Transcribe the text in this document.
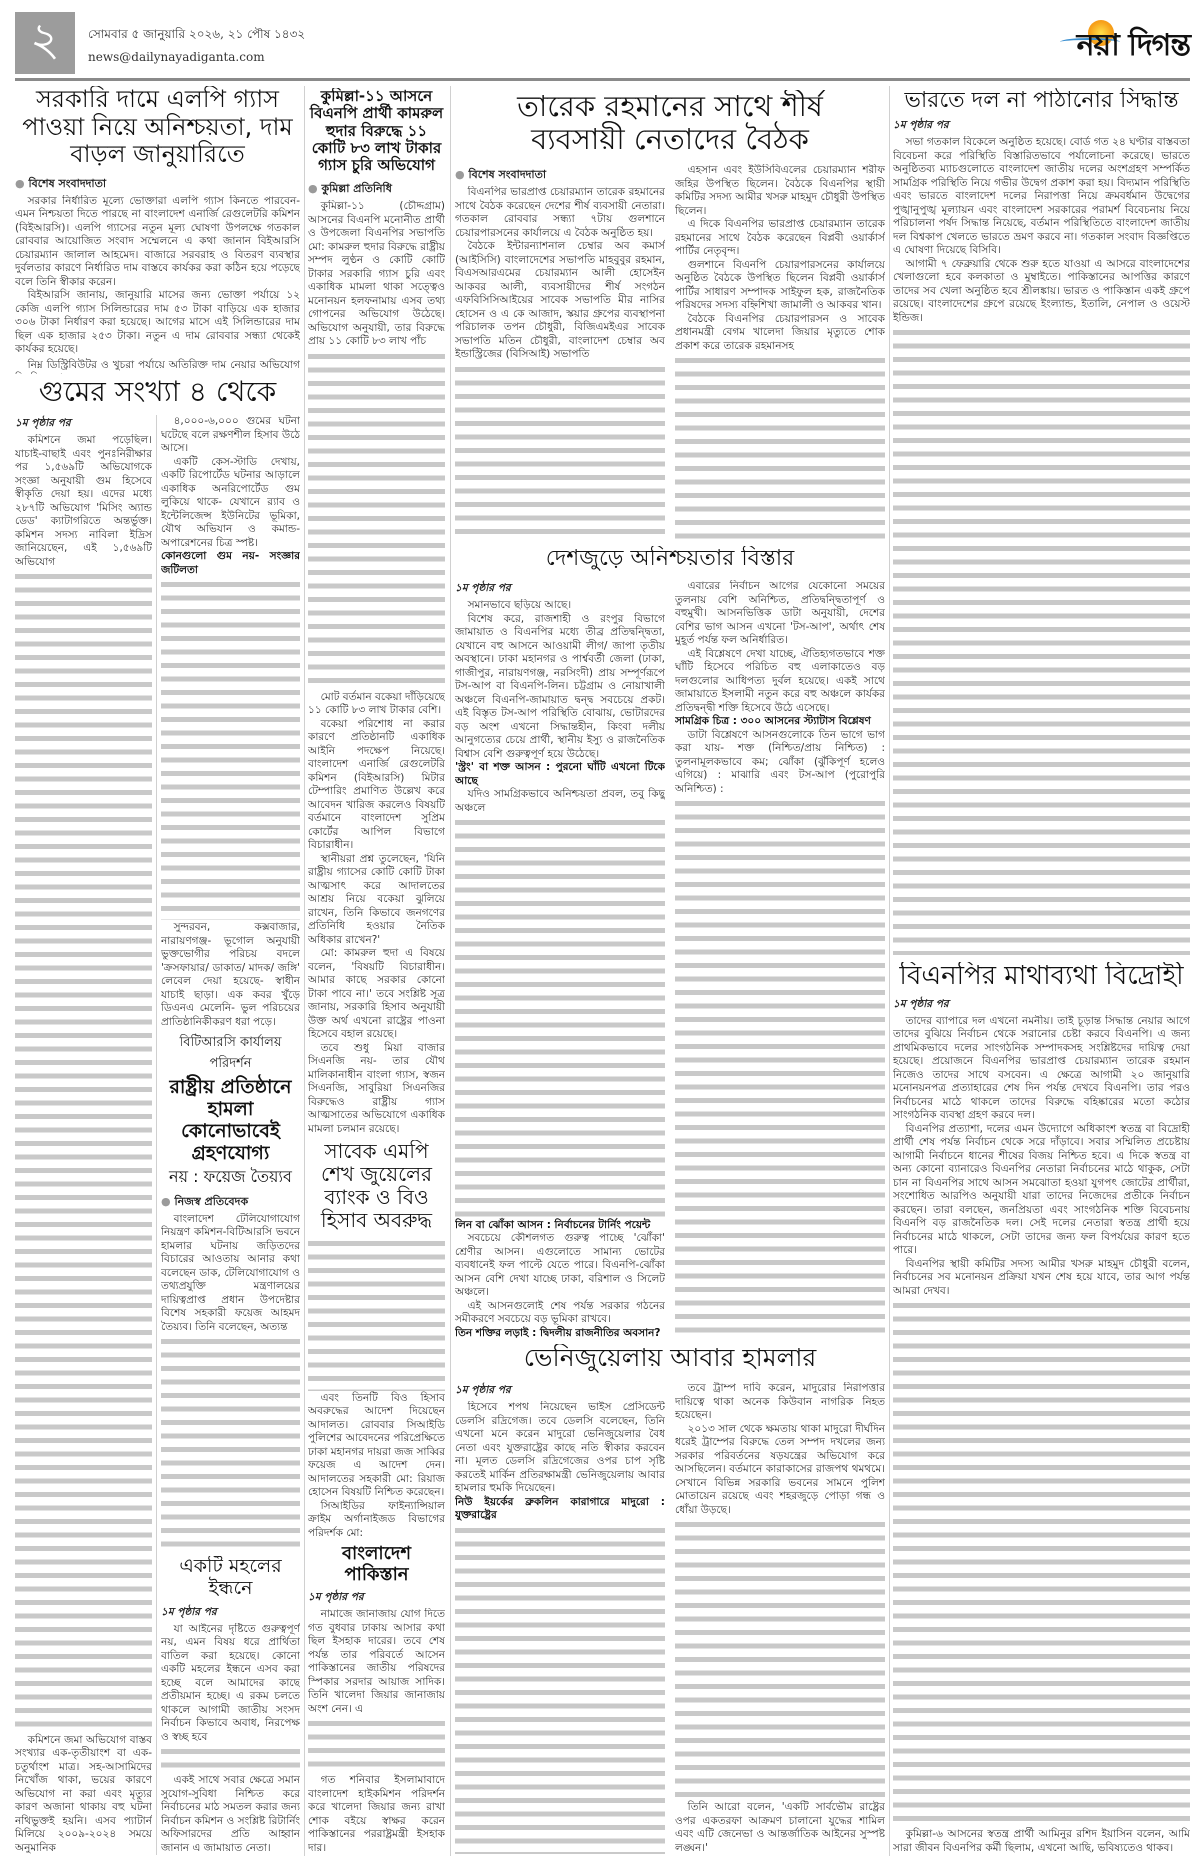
২	সোমবার ৫ জানুয়ারি ২০২৬, ২১ পৌষ ১৪৩২
news@dailynayadiganta.com	নয়া দিগন্ত
সরকারি দামে এলপি গ্যাস পাওয়া নিয়ে অনিশ্চয়তা, দাম বাড়ল জানুয়ারিতে
● বিশেষ সংবাদদাতা

সরকার নির্ধারিত মূল্যে ভোক্তারা এলপি গ্যাস কিনতে পারবেন- এমন নিশ্চয়তা দিতে পারছে না বাংলাদেশ এনার্জি রেগুলেটরি কমিশন (বিইআরসি)। এলপি গ্যাসের নতুন মূল্য ঘোষণা উপলক্ষে গতকাল রোববার আয়োজিত সংবাদ সম্মেলনে এ কথা জানান বিইআরসি চেয়ারম্যান জালাল আহমেদ। বাজারে সরবরাহ ও বিতরণ ব্যবস্থার দুর্বলতার কারণে নির্ধারিত দাম বাস্তবে কার্যকর করা কঠিন হয়ে পড়েছে বলে তিনি স্বীকার করেন।

বিইআরসি জানায়, জানুয়ারি মাসের জন্য ভোক্তা পর্যায়ে ১২ কেজি এলপি গ্যাস সিলিন্ডারের দাম ৫৩ টাকা বাড়িয়ে এক হাজার ৩০৬ টাকা নির্ধারণ করা হয়েছে। আগের মাসে এই সিলিন্ডারের দাম ছিল এক হাজার ২৫৩ টাকা। নতুন এ দাম রোববার সন্ধ্যা থেকেই কার্যকর হয়েছে।

নিম্ন ডিস্ট্রিবিউটর ও খুচরা পর্যায়ে অতিরিক্ত দাম নেয়ার অভিযোগ

গুমের সংখ্যা ৪ থেকে
১ম পৃষ্ঠার পর

কমিশনে জমা পড়েছিল। যাচাই-বাছাই এবং পুনঃনিরীক্ষার পর ১,৫৬৯টি অভিযোগকে সংজ্ঞা অনুযায়ী গুম হিসেবে স্বীকৃতি দেয়া হয়। এদের মধ্যে ২৮৭টি অভিযোগ 'মিসিং অ্যান্ড ডেড' ক্যাটাগরিতে অন্তর্ভুক্ত। কমিশন সদস্য নাবিলা ইদ্রিস জানিয়েছেন, এই ১,৫৬৯টি অভিযোগ

কমিশনে জমা অভিযোগ বাস্তব সংখ্যার এক-তৃতীয়াংশ বা এক-চতুর্থাংশ মাত্র। সহ-আসামিদের নিখোঁজ থাকা, ভয়ের কারণে অভিযোগ না করা এবং মৃত্যুর কারণ অজানা থাকায় বহু ঘটনা নথিভুক্তই হয়নি। এসব প্যাটার্ন মিলিয়ে ২০০৯-২০২৪ সময়ে অনুমানিক

৪,০০০-৬,০০০ গুমের ঘটনা ঘটেছে বলে রক্ষণশীল হিসাব উঠে আসে।

একটি কেস-স্টাডি দেখায়, একটি রিপোর্টেড ঘটনার আড়ালে একাধিক অনরিপোর্টেড গুম লুকিয়ে থাকে- যেখানে র‍্যাব ও ইন্টেলিজেন্স ইউনিটের ভূমিকা, যৌথ অভিযান ও কমান্ড-অপারেশনের চিত্র স্পষ্ট।

কোনগুলো গুম নয়- সংজ্ঞার জটিলতা

সুন্দরবন, কক্সবাজার, নারায়ণগঞ্জ- ভূগোল অনুযায়ী ভুক্তভোগীর পরিচয় বদলে 'ক্রসফায়ার/ ডাকাত/ মাদক/ জঙ্গি' লেবেল দেয়া হয়েছে- স্বাধীন যাচাই ছাড়া। এক কবর খুঁড়ে ডিএনএ মেলেনি- ভুল পরিচয়ের প্রাতিষ্ঠানিকীকরণ ধরা পড়ে।

বিটিআরসি কার্যালয় পরিদর্শন
রাষ্ট্রীয় প্রতিষ্ঠানে হামলা কোনোভাবেই গ্রহণযোগ্য
নয় : ফয়েজ তৈয়্যব
● নিজস্ব প্রতিবেদক

বাংলাদেশ টেলিযোগাযোগ নিয়ন্ত্রণ কমিশন-বিটিআরসি ভবনে হামলার ঘটনায় জড়িতদের বিচারের আওতায় আনার কথা বলেছেন ডাক, টেলিযোগাযোগ ও তথ্যপ্রযুক্তি মন্ত্রণালয়ের দায়িত্বপ্রাপ্ত প্রধান উপদেষ্টার বিশেষ সহকারী ফয়েজ আহমদ তৈয়্যব। তিনি বলেছেন, অত্যন্ত

একটি মহলের ইন্ধনে
১ম পৃষ্ঠার পর

যা আইনের দৃষ্টিতে গুরুত্বপূর্ণ নয়, এমন বিষয় ধরে প্রার্থিতা বাতিল করা হয়েছে। কোনো একটি মহলের ইন্ধনে এসব করা হচ্ছে বলে আমাদের কাছে প্রতীয়মান হচ্ছে। এ রকম চলতে থাকলে আগামী জাতীয় সংসদ নির্বাচন কিভাবে অবাধ, নিরপেক্ষ ও স্বচ্ছ হবে

একই সাথে সবার ক্ষেত্রে সমান সুযোগ-সুবিধা নিশ্চিত করে নির্বাচনের মাঠ সমতল করার জন্য নির্বাচন কমিশন ও সংশ্লিষ্ট রিটার্নিং অফিসারদের প্রতি আহ্বান জানান এ জামায়াত নেতা।

কুমিল্লা-১১ আসনে বিএনপি প্রার্থী কামরুল হুদার বিরুদ্ধে ১১ কোটি ৮৩ লাখ টাকার গ্যাস চুরি অভিযোগ
● কুমিল্লা প্রতিনিধি

কুমিল্লা-১১ (চৌদ্দগ্রাম) আসনের বিএনপি মনোনীত প্রার্থী ও উপজেলা বিএনপির সভাপতি মো: কামরুল হুদার বিরুদ্ধে রাষ্ট্রীয় সম্পদ লুণ্ঠন ও কোটি কোটি টাকার সরকারি গ্যাস চুরি এবং একাধিক মামলা থাকা সত্ত্বেও মনোনয়ন হলফনামায় এসব তথ্য গোপনের অভিযোগ উঠেছে। অভিযোগ অনুযায়ী, তার বিরুদ্ধে প্রায় ১১ কোটি ৮৩ লাখ পাঁচ

মোট বর্তমান বকেয়া দাঁড়িয়েছে ১১ কোটি ৮৩ লাখ টাকার বেশি।

বকেয়া পরিশোধ না করার কারণে প্রতিষ্ঠানটি একাধিক আইনি পদক্ষেপ নিয়েছে। বাংলাদেশ এনার্জি রেগুলেটরি কমিশন (বিইআরসি) মিটার টেম্পারিং প্রমাণিত উল্লেখ করে আবেদন খারিজ করলেও বিষয়টি বর্তমানে বাংলাদেশ সুপ্রিম কোর্টের আপিল বিভাগে বিচারাধীন।

স্থানীয়রা প্রশ্ন তুলেছেন, 'যিনি রাষ্ট্রীয় গ্যাসের কোটি কোটি টাকা আত্মসাৎ করে আদালতের আশ্রয় নিয়ে বকেয়া ঝুলিয়ে রাখেন, তিনি কিভাবে জনগণের প্রতিনিধি হওয়ার নৈতিক অধিকার রাখেন?'

মো: কামরুল হুদা এ বিষয়ে বলেন, 'বিষয়টি বিচারাধীন। আমার কাছে সরকার কোনো টাকা পাবে না।' তবে সংশ্লিষ্ট সূত্র জানায়, সরকারি হিসাব অনুযায়ী উক্ত অর্থ এখনো রাষ্ট্রের পাওনা হিসেবে বহাল রয়েছে।

তবে শুধু মিয়া বাজার সিএনজি নয়- তার যৌথ মালিকানাধীন বাংলা গ্যাস, স্বজন সিএনজি, সাবুরিয়া সিএনজির বিরুদ্ধেও রাষ্ট্রীয় গ্যাস আত্মসাতের অভিযোগে একাধিক মামলা চলমান রয়েছে।

সাবেক এমপি শেখ জুয়েলের ব্যাংক ও বিও হিসাব অবরুদ্ধ

এবং তিনটি বিও হিসাব অবরুদ্ধের আদেশ দিয়েছেন আদালত। রোববার সিআইডি পুলিশের আবেদনের পরিপ্রেক্ষিতে ঢাকা মহানগর দায়রা জজ সাব্বির ফয়েজ এ আদেশ দেন। আদালতের সহকারী মো: রিয়াজ হোসেন বিষয়টি নিশ্চিত করেছেন।

সিআইডির ফাইন্যান্সিয়াল ক্রাইম অর্গানাইজড বিভাগের পরিদর্শক মো:

বাংলাদেশ পাকিস্তান
১ম পৃষ্ঠার পর

নামাজে জানাজায় যোগ দিতে গত বুধবার ঢাকায় আসার কথা ছিল ইসহাক দারের। তবে শেষ পর্যন্ত তার পরিবর্তে আসেন পাকিস্তানের জাতীয় পরিষদের স্পিকার সরদার আয়াজ সাদিক। তিনি খালেদা জিয়ার জানাজায় অংশ নেন। এ

গত শনিবার ইসলামাবাদে বাংলাদেশ হাইকমিশন পরিদর্শন করে খালেদা জিয়ার জন্য রাখা শোক বইয়ে স্বাক্ষর করেন পাকিস্তানের পররাষ্ট্রমন্ত্রী ইসহাক দার।

তারেক রহমানের সাথে শীর্ষ ব্যবসায়ী নেতাদের বৈঠক
● বিশেষ সংবাদদাতা

বিএনপির ভারপ্রাপ্ত চেয়ারম্যান তারেক রহমানের সাথে বৈঠক করেছেন দেশের শীর্ষ ব্যবসায়ী নেতারা। গতকাল রোববার সন্ধ্যা ৭টায় গুলশানে চেয়ারপারসনের কার্যালয়ে এ বৈঠক অনুষ্ঠিত হয়।

বৈঠকে ইন্টারন্যাশনাল চেম্বার অব কমার্স (আইসিসি) বাংলাদেশের সভাপতি মাহবুবুর রহমান, বিএসআরএমের চেয়ারম্যান আলী হোসেইন আকবর আলী, ব্যবসায়ীদের শীর্ষ সংগঠন এফবিসিসিআইয়ের সাবেক সভাপতি মীর নাসির হোসেন ও এ কে আজাদ, স্কয়ার গ্রুপের ব্যবস্থাপনা পরিচালক তপন চৌধুরী, বিজিএমইএর সাবেক সভাপতি মতিন চৌধুরী, বাংলাদেশ চেম্বার অব ইন্ডাস্ট্রিজের (বিসিআই) সভাপতি

এহসান এবং ইউসিবিএলের চেয়ারম্যান শরীফ জহির উপস্থিত ছিলেন। বৈঠকে বিএনপির স্থায়ী কমিটির সদস্য আমীর খসরু মাহমুদ চৌধুরী উপস্থিত ছিলেন।

এ দিকে বিএনপির ভারপ্রাপ্ত চেয়ারম্যান তারেক রহমানের সাথে বৈঠক করেছেন বিপ্লবী ওয়ার্কার্স পার্টির নেতৃবৃন্দ।

গুলশানে বিএনপি চেয়ারপারসনের কার্যালয়ে অনুষ্ঠিত বৈঠকে উপস্থিত ছিলেন বিপ্লবী ওয়ার্কার্স পার্টির সাধারণ সম্পাদক সাইফুল হক, রাজনৈতিক পরিষদের সদস্য বহ্নিশিখা জামালী ও আকবর খান।

বৈঠকে বিএনপির চেয়ারপারসন ও সাবেক প্রধানমন্ত্রী বেগম খালেদা জিয়ার মৃত্যুতে শোক প্রকাশ করে তারেক রহমানসহ

দেশজুড়ে অনিশ্চয়তার বিস্তার
১ম পৃষ্ঠার পর

সমানভাবে ছড়িয়ে আছে।

বিশেষ করে, রাজশাহী ও রংপুর বিভাগে জামায়াত ও বিএনপির মধ্যে তীব্র প্রতিদ্বন্দ্বিতা, যেখানে বহু আসনে আওয়ামী লীগ/ জাপা তৃতীয় অবস্থানে। ঢাকা মহানগর ও পার্শ্ববর্তী জেলা (ঢাকা, গাজীপুর, নারায়ণগঞ্জ, নরসিংদী) প্রায় সম্পূর্ণরূপে টস-আপ বা বিএনপি-লিন। চট্টগ্রাম ও নোয়াখালী অঞ্চলে বিএনপি-জামায়াত দ্বন্দ্ব সবচেয়ে প্রকট। এই বিস্তৃত টস-আপ পরিস্থিতি বোঝায়, ভোটারদের বড় অংশ এখনো সিদ্ধান্তহীন, কিংবা দলীয় আনুগত্যের চেয়ে প্রার্থী, স্থানীয় ইস্যু ও রাজনৈতিক বিশ্বাস বেশি গুরুত্বপূর্ণ হয়ে উঠেছে।

'স্ট্রং' বা শক্ত আসন : পুরনো ঘাঁটি এখনো টিকে আছে

যদিও সামগ্রিকভাবে অনিশ্চয়তা প্রবল, তবু কিছু অঞ্চলে

লিন বা ঝোঁকা আসন : নির্বাচনের টার্নিং পয়েন্ট

সবচেয়ে কৌশলগত গুরুত্ব পাচ্ছে 'ঝোঁকা' শ্রেণীর আসন। এগুলোতে সামান্য ভোটের ব্যবধানেই ফল পাল্টে যেতে পারে। বিএনপি-ঝোঁকা আসন বেশি দেখা যাচ্ছে ঢাকা, বরিশাল ও সিলেট অঞ্চলে।

এই আসনগুলোই শেষ পর্যন্ত সরকার গঠনের সমীকরণে সবচেয়ে বড় ভূমিকা রাখবে।

তিন শক্তির লড়াই : দ্বিদলীয় রাজনীতির অবসান?

এবারের নির্বাচন আগের যেকোনো সময়ের তুলনায় বেশি অনিশ্চিত, প্রতিদ্বন্দ্বিতাপূর্ণ ও বহুমুখী। আসনভিত্তিক ডাটা অনুযায়ী, দেশের বেশির ভাগ আসন এখনো 'টস-আপ', অর্থাৎ শেষ মুহূর্ত পর্যন্ত ফল অনির্ধারিত।

এই বিশ্লেষণে দেখা যাচ্ছে, ঐতিহ্যগতভাবে শক্ত ঘাঁটি হিসেবে পরিচিত বহু এলাকাতেও বড় দলগুলোর আধিপত্য দুর্বল হয়েছে। একই সাথে জামায়াতে ইসলামী নতুন করে বহু অঞ্চলে কার্যকর প্রতিদ্বন্দ্বী শক্তি হিসেবে উঠে এসেছে।

সামগ্রিক চিত্র : ৩০০ আসনের স্ট্যাটাস বিশ্লেষণ

ডাটা বিশ্লেষণে আসনগুলোকে তিন ভাগে ভাগ করা যায়- শক্ত (নিশ্চিত/প্রায় নিশ্চিত) : তুলনামূলকভাবে কম; ঝোঁকা (ঝুঁকিপূর্ণ হলেও এগিয়ে) : মাঝারি এবং টস-আপ (পুরোপুরি অনিশ্চিত) :

ভেনিজুয়েলায় আবার হামলার
১ম পৃষ্ঠার পর

হিসেবে শপথ নিয়েছেন ভাইস প্রেসিডেন্ট ডেলসি রদ্রিগেজ। তবে ডেলসি বলেছেন, তিনি এখনো মনে করেন মাদুরো ভেনিজুয়েলার বৈধ নেতা এবং যুক্তরাষ্ট্রের কাছে নতি স্বীকার করবেন না। মূলত ডেলসি রদ্রিগেজের ওপর চাপ সৃষ্টি করতেই মার্কিন প্রতিরক্ষামন্ত্রী ভেনিজুয়েলায় আবার হামলার হুমকি দিয়েছেন।

নিউ ইয়র্কের ব্রুকলিন কারাগারে মাদুরো : যুক্তরাষ্ট্রের

তবে ট্রাম্প দাবি করেন, মাদুরোর নিরাপত্তার দায়িত্বে থাকা অনেক কিউবান নাগরিক নিহত হয়েছেন।

২০১৩ সাল থেকে ক্ষমতায় থাকা মাদুরো দীর্ঘদিন ধরেই ট্রাম্পের বিরুদ্ধে তেল সম্পদ দখলের জন্য সরকার পরিবর্তনের ষড়যন্ত্রের অভিযোগ করে আসছিলেন। বর্তমানে কারাকাসের রাজপথ থমথমে। সেখানে বিভিন্ন সরকারি ভবনের সামনে পুলিশ মোতায়েন রয়েছে এবং শহরজুড়ে পোড়া গন্ধ ও ধোঁয়া উড়ছে।

তিনি আরো বলেন, 'একটি সার্বভৌম রাষ্ট্রের ওপর একতরফা আক্রমণ চালানো যুদ্ধের শামিল এবং এটি জেনেভা ও আন্তর্জাতিক আইনের সুস্পষ্ট লঙ্ঘন।'

ভারতে দল না পাঠানোর সিদ্ধান্ত
১ম পৃষ্ঠার পর

সভা গতকাল বিকেলে অনুষ্ঠিত হয়েছে। বোর্ড গত ২৪ ঘণ্টার বাস্তবতা বিবেচনা করে পরিস্থিতি বিস্তারিতভাবে পর্যালোচনা করেছে। ভারতে অনুষ্ঠিতব্য ম্যাচগুলোতে বাংলাদেশ জাতীয় দলের অংশগ্রহণ সম্পর্কিত সামগ্রিক পরিস্থিতি নিয়ে গভীর উদ্বেগ প্রকাশ করা হয়। বিদ্যমান পরিস্থিতি এবং ভারতে বাংলাদেশ দলের নিরাপত্তা নিয়ে ক্রমবর্ধমান উদ্বেগের পুঙ্খানুপুঙ্খ মূল্যায়ন এবং বাংলাদেশ সরকারের পরামর্শ বিবেচনায় নিয়ে পরিচালনা পর্ষদ সিদ্ধান্ত নিয়েছে, বর্তমান পরিস্থিতিতে বাংলাদেশ জাতীয় দল বিশ্বকাপ খেলতে ভারতে ভ্রমণ করবে না। গতকাল সংবাদ বিজ্ঞপ্তিতে এ ঘোষণা দিয়েছে বিসিবি।

আগামী ৭ ফেব্রুয়ারি থেকে শুরু হতে যাওয়া এ আসরে বাংলাদেশের খেলাগুলো হবে কলকাতা ও মুম্বাইতে। পাকিস্তানের আপত্তির কারণে তাদের সব খেলা অনুষ্ঠিত হবে শ্রীলঙ্কায়। ভারত ও পাকিস্তান একই গ্রুপে রয়েছে। বাংলাদেশের গ্রুপে রয়েছে ইংল্যান্ড, ইতালি, নেপাল ও ওয়েস্ট ইন্ডিজ।

বিএনপির মাথাব্যথা বিদ্রোহী
১ম পৃষ্ঠার পর

তাদের ব্যাপারে দল এখনো নমনীয়। তাই চূড়ান্ত সিদ্ধান্ত নেয়ার আগে তাদের বুঝিয়ে নির্বাচন থেকে সরানোর চেষ্টা করবে বিএনপি। এ জন্য প্রাথমিকভাবে দলের সাংগঠনিক সম্পাদকসহ সংশ্লিষ্টদের দায়িত্ব দেয়া হয়েছে। প্রয়োজনে বিএনপির ভারপ্রাপ্ত চেয়ারম্যান তারেক রহমান নিজেও তাদের সাথে বসবেন। এ ক্ষেত্রে আগামী ২০ জানুয়ারি মনোনয়নপত্র প্রত্যাহারের শেষ দিন পর্যন্ত দেখবে বিএনপি। তার পরও নির্বাচনের মাঠে থাকলে তাদের বিরুদ্ধে বহিষ্কারের মতো কঠোর সাংগঠনিক ব্যবস্থা গ্রহণ করবে দল।

বিএনপির প্রত্যাশা, দলের এমন উদ্যোগে অধিকাংশ স্বতন্ত্র বা বিদ্রোহী প্রার্থী শেষ পর্যন্ত নির্বাচন থেকে সরে দাঁড়াবে। সবার সম্মিলিত প্রচেষ্টায় আগামী নির্বাচনে ধানের শীষের বিজয় নিশ্চিত হবে। এ দিকে স্বতন্ত্র বা অন্য কোনো ব্যানারেও বিএনপির নেতারা নির্বাচনের মাঠে থাকুক, সেটা চান না বিএনপির সাথে আসন সমঝোতা হওয়া যুগপৎ জোটের প্রার্থীরা, সংশোধিত আরপিও অনুযায়ী যারা তাদের নিজেদের প্রতীকে নির্বাচন করছেন। তারা বলছেন, জনপ্রিয়তা এবং সাংগঠনিক শক্তি বিবেচনায় বিএনপি বড় রাজনৈতিক দল। সেই দলের নেতারা স্বতন্ত্র প্রার্থী হয়ে নির্বাচনের মাঠে থাকলে, সেটা তাদের জন্য ফল বিপর্যয়ের কারণ হতে পারে।

বিএনপির স্থায়ী কমিটির সদস্য আমীর খসরু মাহমুদ চৌধুরী বলেন, নির্বাচনের সব মনোনয়ন প্রক্রিয়া যখন শেষ হয়ে যাবে, তার আগ পর্যন্ত আমরা দেখব।

কুমিল্লা-৬ আসনের স্বতন্ত্র প্রার্থী আমিনুর রশিদ ইয়াসিন বলেন, আমি সারা জীবন বিএনপির কর্মী ছিলাম, এখনো আছি, ভবিষ্যতেও থাকব।
